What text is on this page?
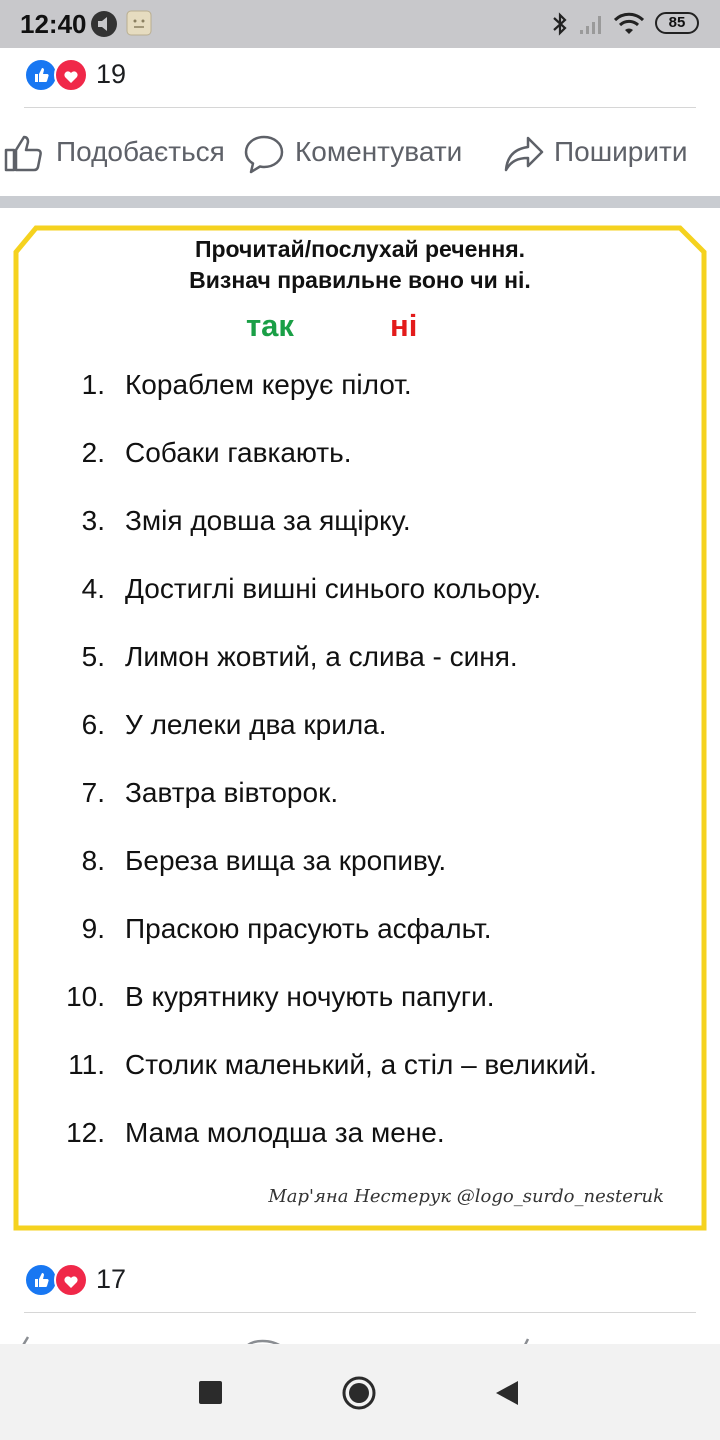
12:40	85
19
Подобається	Коментувати	Поширити
Прочитай/послухай речення.
Визнач правильне воно чи ні.
так	ні
1. Кораблем керує пілот.
2. Собаки гавкають.
3. Змія довша за ящірку.
4. Достиглі вишні синього кольору.
5. Лимон жовтий, а слива - синя.
6. У лелеки два крила.
7. Завтра вівторок.
8. Береза вища за кропиву.
9. Праскою прасують асфальт.
10. В курятнику ночують папуги.
11. Столик маленький, а стіл – великий.
12. Мама молодша за мене.
Мар'яна Нестерук @logo_surdo_nesteruk
17
